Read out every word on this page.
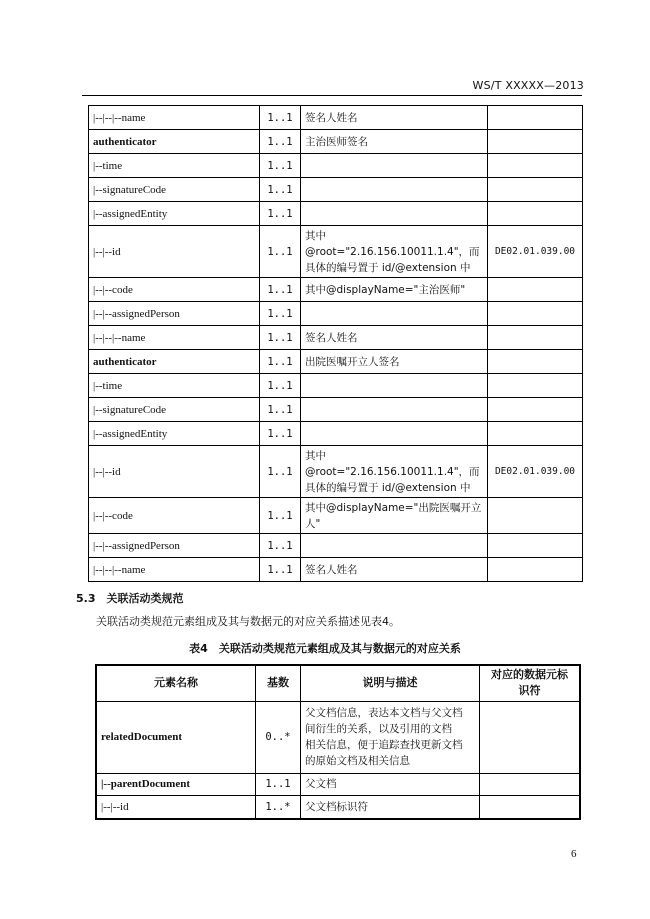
WS/T XXXXX—2013
|--|--|--name	1..1	签名人姓名	
authenticator	1..1	主治医师签名	
|--time	1..1		
|--signatureCode	1..1		
|--assignedEntity	1..1		
|--|--id	1..1	其中
@root="2.16.156.10011.1.4"，而
具体的编号置于 id/@extension 中	DE02.01.039.00
|--|--code	1..1	其中@displayName="主治医师"	
|--|--assignedPerson	1..1		
|--|--|--name	1..1	签名人姓名	
authenticator	1..1	出院医嘱开立人签名	
|--time	1..1		
|--signatureCode	1..1		
|--assignedEntity	1..1		
|--|--id	1..1	其中
@root="2.16.156.10011.1.4"，而
具体的编号置于 id/@extension 中	DE02.01.039.00
|--|--code	1..1	其中@displayName="出院医嘱开立
人"	

|--|--assignedPerson	1..1		
|--|--|--name	1..1	签名人姓名	
5.3　关联活动类规范
关联活动类规范元素组成及其与数据元的对应关系描述见表4。
表4　关联活动类规范元素组成及其与数据元的对应关系
元素名称	基数	说明与描述	对应的数据元标
识符

relatedDocument	0..*	父文档信息，表达本文档与父文档
间衍生的关系，以及引用的文档
相关信息，便于追踪查找更新文档
的原始文档及相关信息	

|--parentDocument	1..1	父文档	

|--|--id	1..*	父文档标识符	

6
